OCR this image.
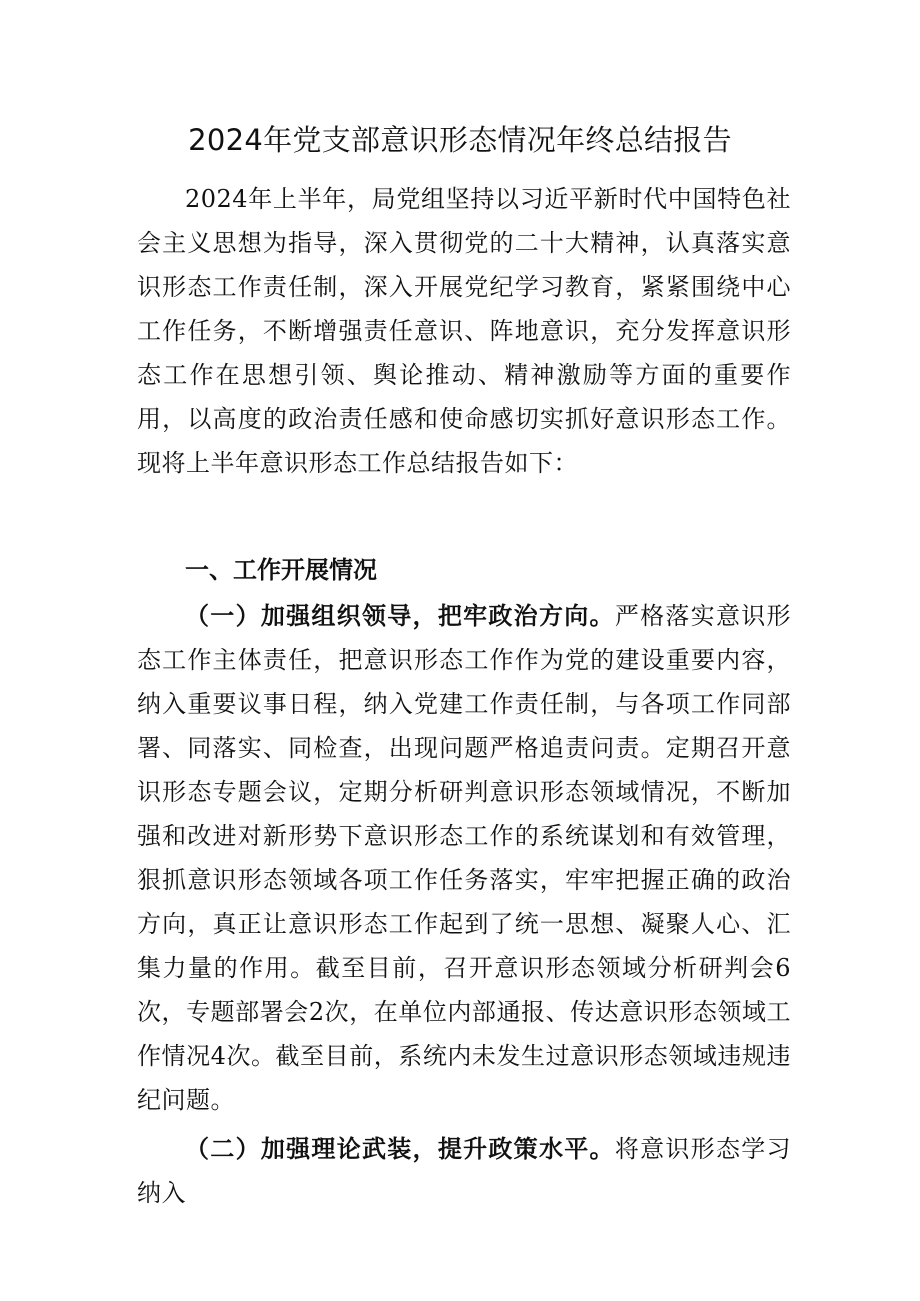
2024年党支部意识形态情况年终总结报告

2024年上半年，局党组坚持以习近平新时代中国特色社会主义思想为指导，深入贯彻党的二十大精神，认真落实意识形态工作责任制，深入开展党纪学习教育，紧紧围绕中心工作任务，不断增强责任意识、阵地意识，充分发挥意识形态工作在思想引领、舆论推动、精神激励等方面的重要作用，以高度的政治责任感和使命感切实抓好意识形态工作。现将上半年意识形态工作总结报告如下：

一、工作开展情况

（一）加强组织领导，把牢政治方向。严格落实意识形态工作主体责任，把意识形态工作作为党的建设重要内容，纳入重要议事日程，纳入党建工作责任制，与各项工作同部署、同落实、同检查，出现问题严格追责问责。定期召开意识形态专题会议，定期分析研判意识形态领域情况，不断加强和改进对新形势下意识形态工作的系统谋划和有效管理，狠抓意识形态领域各项工作任务落实，牢牢把握正确的政治方向，真正让意识形态工作起到了统一思想、凝聚人心、汇集力量的作用。截至目前，召开意识形态领域分析研判会6次，专题部署会2次，在单位内部通报、传达意识形态领域工作情况4次。截至目前，系统内未发生过意识形态领域违规违纪问题。

（二）加强理论武装，提升政策水平。将意识形态学习纳入
